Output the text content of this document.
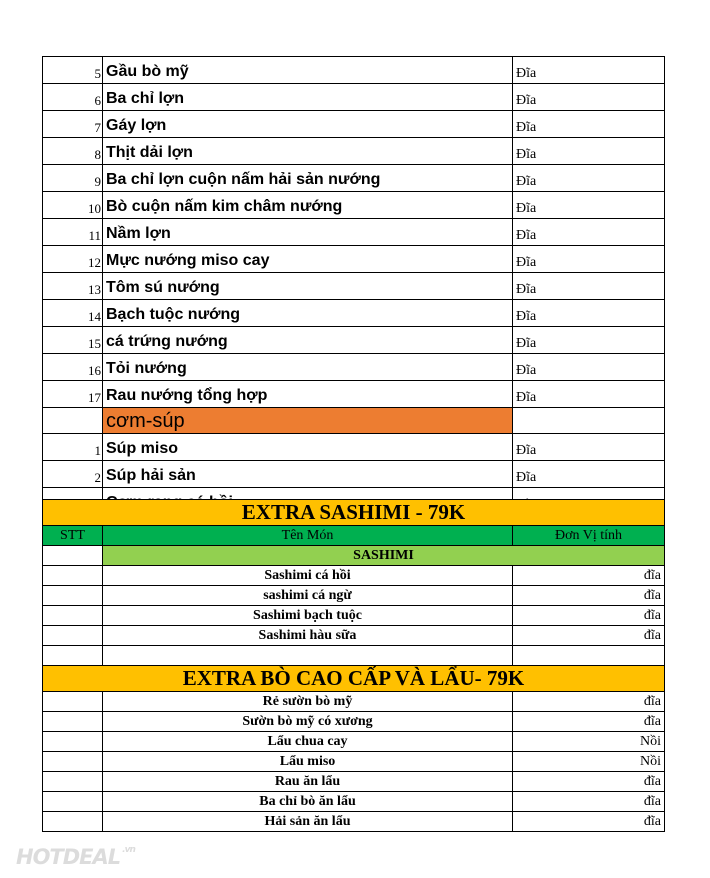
5	Gầu bò mỹ	Đĩa
6	Ba chỉ lợn	Đĩa
7	Gáy lợn	Đĩa
8	Thịt dải lợn	Đĩa
9	Ba chỉ lợn cuộn nấm hải sản nướng	Đĩa
10	Bò cuộn nấm kim châm nướng	Đĩa
11	Nầm lợn	Đĩa
12	Mực nướng miso cay	Đĩa
13	Tôm sú nướng	Đĩa
14	Bạch tuộc nướng	Đĩa
15	cá trứng nướng	Đĩa
16	Tỏi nướng	Đĩa
17	Rau nướng tổng hợp	Đĩa
	cơm-súp	
1	Súp miso	Đĩa
2	Súp hải sản	Đĩa

EXTRA SASHIMI - 79K		
STT	Tên Món	Đơn Vị tính
	SASHIMI	
	Sashimi cá hồi	đĩa
	sashimi cá ngừ	đĩa
	Sashimi bạch tuộc	đĩa
	Sashimi hàu sữa	đĩa

EXTRA BÒ CAO CẤP VÀ LẨU- 79K		
	Rẻ sườn bò mỹ	đĩa
	Sườn bò mỹ có xương	đĩa
	Lẩu chua cay	Nồi
	Lẩu miso	Nồi
	Rau ăn lẩu	đĩa
	Ba chỉ bò ăn lẩu	đĩa
	Hải sản ăn lẩu	đĩa
HOTDEAL $^{.vn}$
